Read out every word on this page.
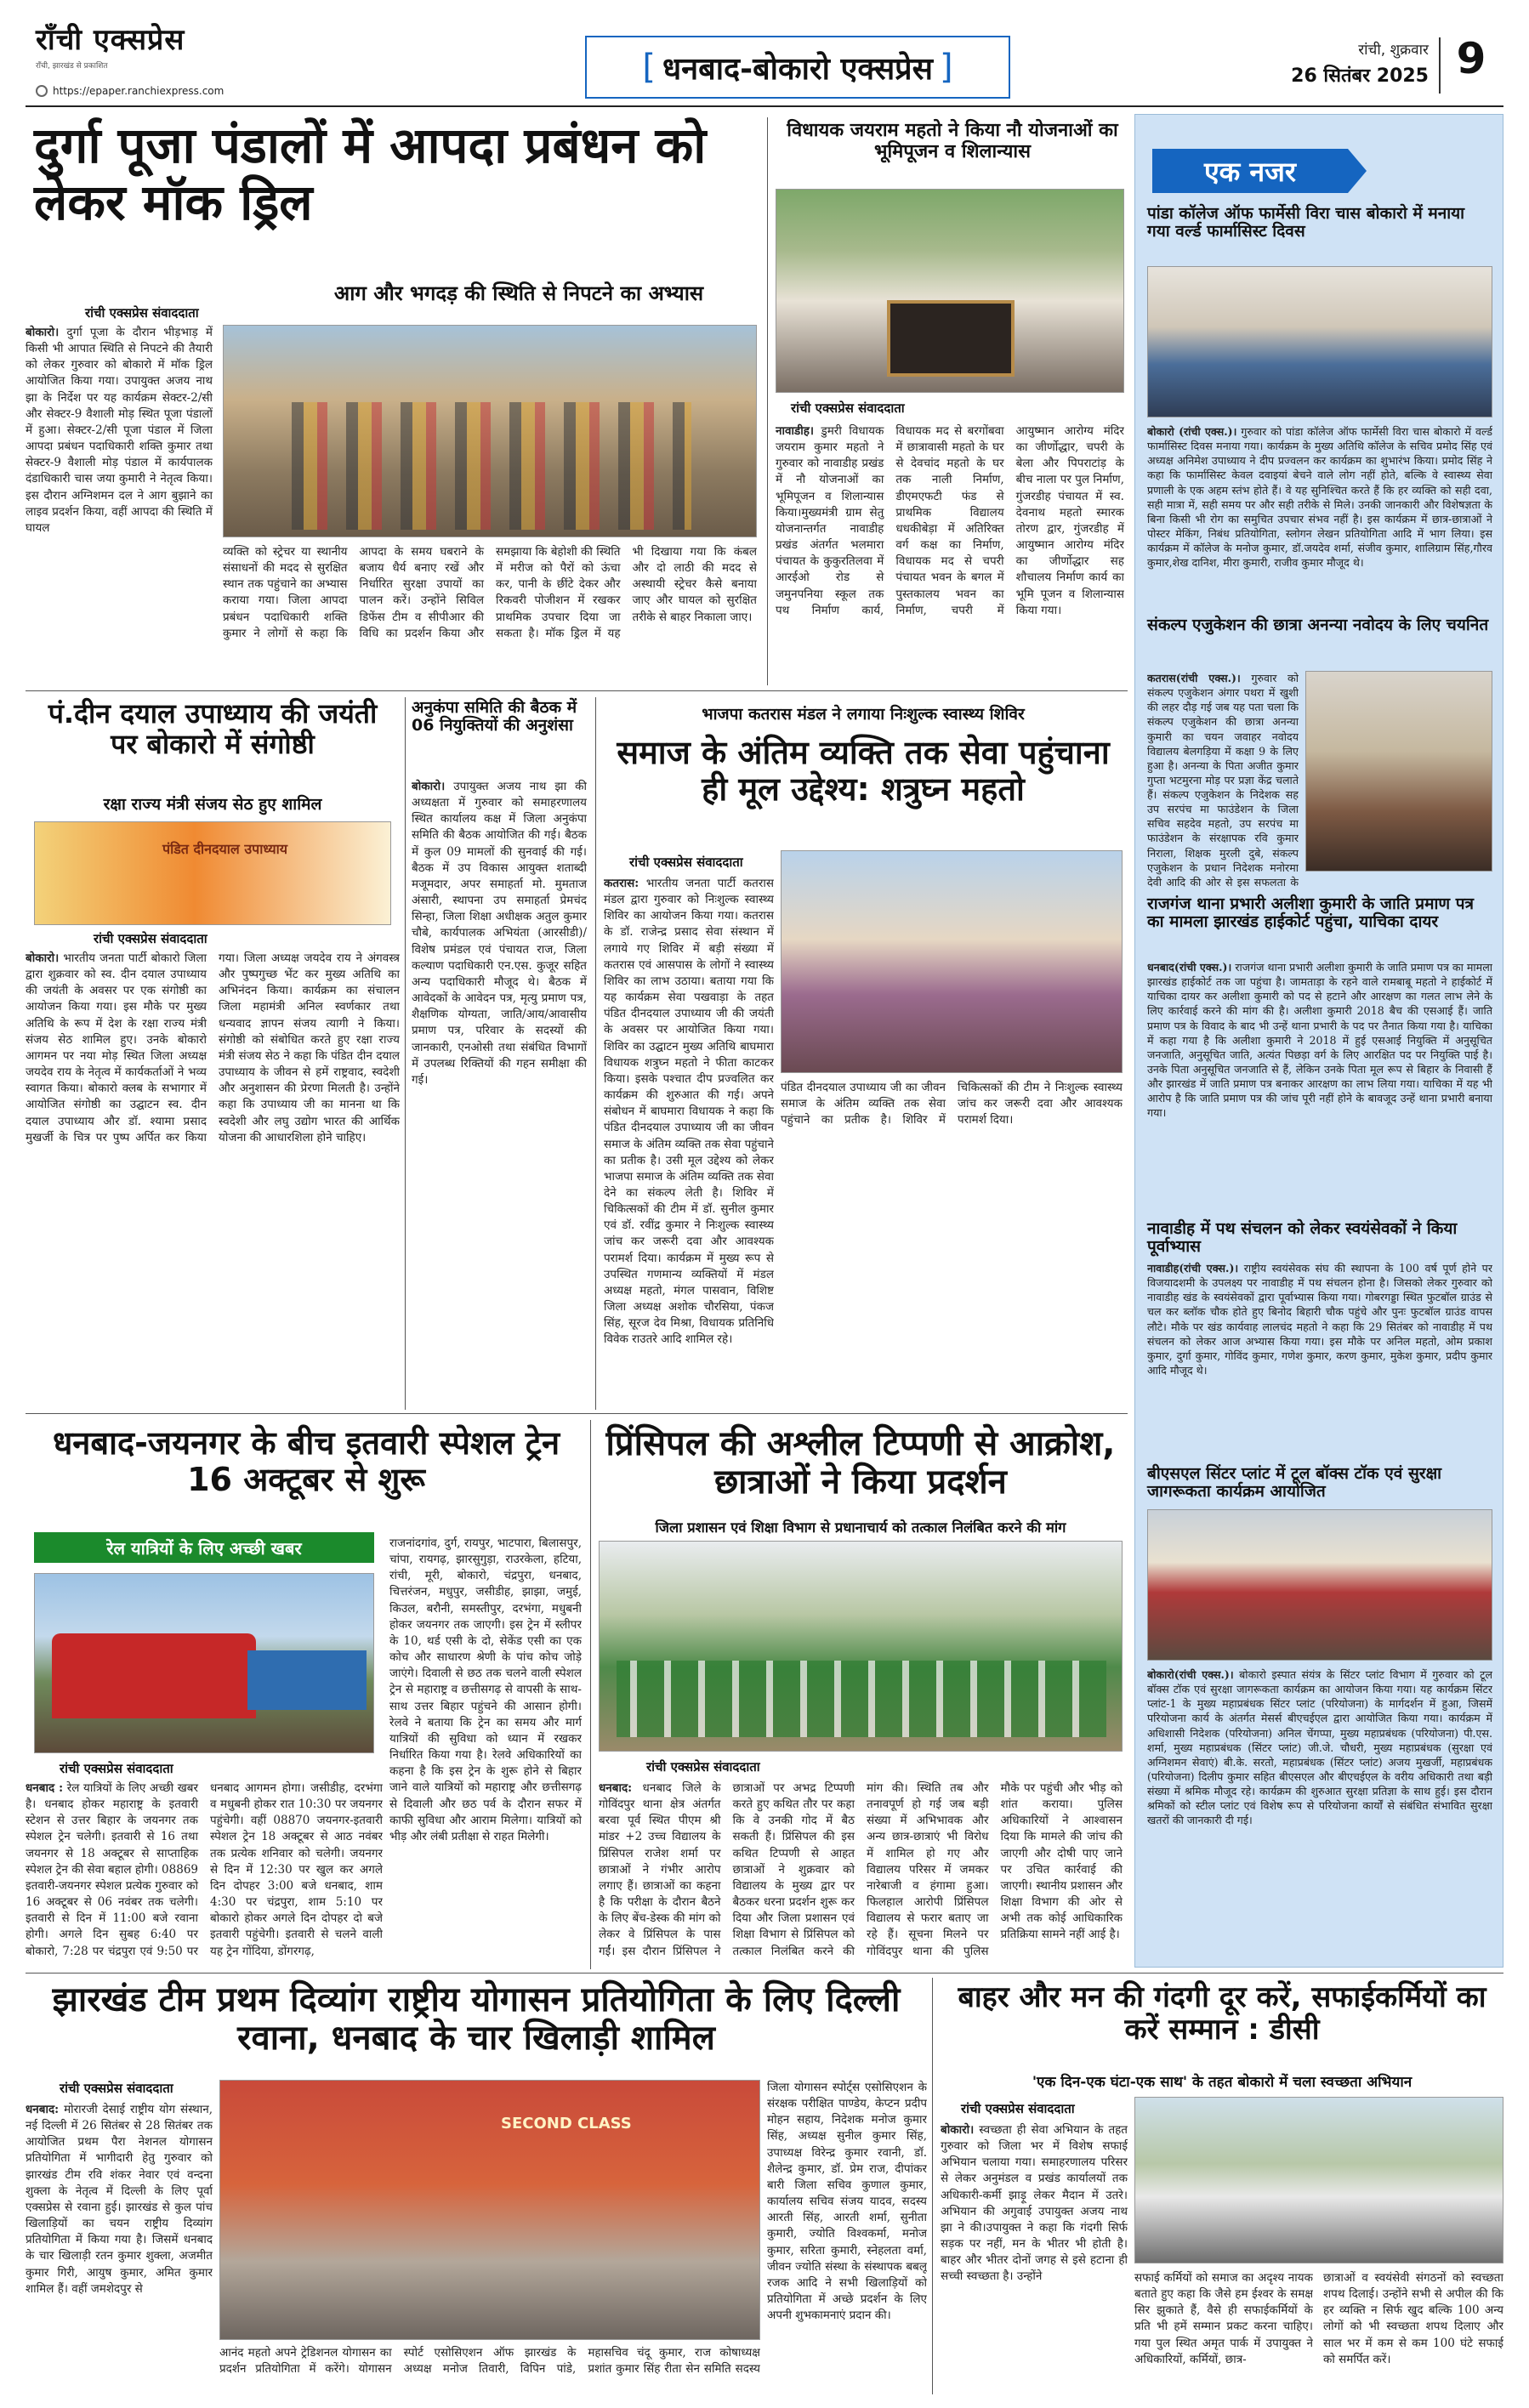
राँची एक्सप्रेस
राँची, झारखंड से प्रकाशित
https://epaper.ranchiexpress.com
[ धनबाद-बोकारो एक्सप्रेस ]	रांची, शुक्रवार
26 सितंबर 2025 9
दुर्गा पूजा पंडालों में आपदा प्रबंधन को लेकर मॉक ड्रिल
आग और भगदड़ की स्थिति से निपटने का अभ्यास
रांची एक्सप्रेस संवाददाता
बोकारो। दुर्गा पूजा के दौरान भीड़भाड़ में किसी भी आपात स्थिति से निपटने की तैयारी को लेकर गुरुवार को बोकारो में मॉक ड्रिल आयोजित किया गया। उपायुक्त अजय नाथ झा के निर्देश पर यह कार्यक्रम सेक्टर-2/सी और सेक्टर-9 वैशाली मोड़ स्थित पूजा पंडालों में हुआ। सेक्टर-2/सी पूजा पंडाल में जिला आपदा प्रबंधन पदाधिकारी शक्ति कुमार तथा सेक्टर-9 वैशाली मोड़ पंडाल में कार्यपालक दंडाधिकारी चास जया कुमारी ने नेतृत्व किया। इस दौरान अग्निशमन दल ने आग बुझाने का लाइव प्रदर्शन किया, वहीं आपदा की स्थिति में घायल
व्यक्ति को स्ट्रेचर या स्थानीय संसाधनों की मदद से सुरक्षित स्थान तक पहुंचाने का अभ्यास कराया गया। जिला आपदा प्रबंधन पदाधिकारी शक्ति कुमार ने लोगों से कहा कि आपदा के समय घबराने के बजाय धैर्य बनाए रखें और निर्धारित सुरक्षा उपायों का पालन करें। उन्होंने सिविल डिफेंस टीम व सीपीआर की विधि का प्रदर्शन किया और समझाया कि बेहोशी की स्थिति में मरीज को पैरों को ऊंचा कर, पानी के छींटे देकर और रिकवरी पोजीशन में रखकर प्राथमिक उपचार दिया जा सकता है। मॉक ड्रिल में यह भी दिखाया गया कि कंबल और दो लाठी की मदद से अस्थायी स्ट्रेचर कैसे बनाया जाए और घायल को सुरक्षित तरीके से बाहर निकाला जाए।
विधायक जयराम महतो ने किया नौ योजनाओं का भूमिपूजन व शिलान्यास
रांची एक्सप्रेस संवाददाता
नावाडीह। डुमरी विधायक जयराम कुमार महतो ने गुरुवार को नावाडीह प्रखंड में नौ योजनाओं का भूमिपूजन व शिलान्यास किया।मुख्यमंत्री ग्राम सेतु योजनान्तर्गत नावाडीह प्रखंड अंतर्गत भलमारा पंचायत के कुकुरतिलवा में आरईओ रोड से जमुनपनिया स्कूल तक पथ निर्माण कार्य, विधायक मद से बरगोंबवा में छात्रावासी महतो के घर से देवचांद महतो के घर तक नाली निर्माण, डीएमएफटी फंड से प्राथमिक विद्यालय धधकीबेड़ा में अतिरिक्त वर्ग कक्ष का निर्माण, विधायक मद से चपरी पंचायत भवन के बगल में पुस्तकालय भवन का निर्माण, चपरी में आयुष्मान आरोग्य मंदिर का जीर्णोद्धार, चपरी के बेला और पिपराटांड़ के बीच नाला पर पुल निर्माण, गुंजरडीह पंचायत में स्व. देवनाथ महतो स्मारक तोरण द्वार, गुंजरडीह में आयुष्मान आरोग्य मंदिर का जीर्णोद्धार सह शौचालय निर्माण कार्य का भूमि पूजन व शिलान्यास किया गया।
एक नजर
पांडा कॉलेज ऑफ फार्मेसी विरा चास बोकारो में मनाया गया वर्ल्ड फार्मासिस्ट दिवस
बोकारो (रांची एक्स.)। गुरुवार को पांडा कॉलेज ऑफ फार्मेसी विरा चास बोकारो में वर्ल्ड फार्मासिस्ट दिवस मनाया गया। कार्यक्रम के मुख्य अतिथि कॉलेज के सचिव प्रमोद सिंह एवं अध्यक्ष अनिमेश उपाध्याय ने दीप प्रज्वलन कर कार्यक्रम का शुभारंभ किया। प्रमोद सिंह ने कहा कि फार्मासिस्ट केवल दवाइयां बेचने वाले लोग नहीं होते, बल्कि वे स्वास्थ्य सेवा प्रणाली के एक अहम स्तंभ होते हैं। वे यह सुनिश्चित करते हैं कि हर व्यक्ति को सही दवा, सही मात्रा में, सही समय पर और सही तरीके से मिले। उनकी जानकारी और विशेषज्ञता के बिना किसी भी रोग का समुचित उपचार संभव नहीं है। इस कार्यक्रम में छात्र-छात्राओं ने पोस्टर मेकिंग, निबंध प्रतियोगिता, स्लोगन लेखन प्रतियोगिता आदि में भाग लिया। इस कार्यक्रम में कॉलेज के मनोज कुमार, डॉ.जयदेव शर्मा, संजीव कुमार, शालिग्राम सिंह,गौरव कुमार,शेख दानिश, मीरा कुमारी, राजीव कुमार मौजूद थे।
संकल्प एजुकेशन की छात्रा अनन्या नवोदय के लिए चयनित
कतरास(रांची एक्स.)। गुरुवार को संकल्प एजुकेशन अंगार पथरा में खुशी की लहर दौड़ गई जब यह पता चला कि संकल्प एजुकेशन की छात्रा अनन्या कुमारी का चयन जवाहर नवोदय विद्यालय बेलगड़िया में कक्षा 9 के लिए हुआ है। अनन्या के पिता अजीत कुमार गुप्ता भटमुरना मोड़ पर प्रज्ञा केंद्र चलाते हैं। संकल्प एजुकेशन के निदेशक सह उप सरपंच मा फाउंडेशन के जिला सचिव सहदेव महतो, उप सरपंच मा फाउंडेशन के संरक्षापक रवि कुमार निराला, शिक्षक मुरली दुबे, संकल्प एजुकेशन के प्रधान निदेशक मनोरमा देवी आदि की ओर से इस सफलता के
राजगंज थाना प्रभारी अलीशा कुमारी के जाति प्रमाण पत्र का मामला झारखंड हाईकोर्ट पहुंचा, याचिका दायर
धनबाद(रांची एक्स.)। राजगंज थाना प्रभारी अलीशा कुमारी के जाति प्रमाण पत्र का मामला झारखंड हाईकोर्ट तक जा पहुंचा है। जामताड़ा के रहने वाले रामबाबू महतो ने हाईकोर्ट में याचिका दायर कर अलीशा कुमारी को पद से हटाने और आरक्षण का गलत लाभ लेने के लिए कार्रवाई करने की मांग की है। अलीशा कुमारी 2018 बैच की एसआई हैं। जाति प्रमाण पत्र के विवाद के बाद भी उन्हें थाना प्रभारी के पद पर तैनात किया गया है। याचिका में कहा गया है कि अलीशा कुमारी ने 2018 में हुई एसआई नियुक्ति में अनुसूचित जनजाति, अनुसूचित जाति, अत्यंत पिछड़ा वर्ग के लिए आरक्षित पद पर नियुक्ति पाई है। उनके पिता अनुसूचित जनजाति से हैं, लेकिन उनके पिता मूल रूप से बिहार के निवासी हैं और झारखंड में जाति प्रमाण पत्र बनाकर आरक्षण का लाभ लिया गया। याचिका में यह भी आरोप है कि जाति प्रमाण पत्र की जांच पूरी नहीं होने के बावजूद उन्हें थाना प्रभारी बनाया गया।
नावाडीह में पथ संचलन को लेकर स्वयंसेवकों ने किया पूर्वाभ्यास
नावाडीह(रांची एक्स.)। राष्ट्रीय स्वयंसेवक संघ की स्थापना के 100 वर्ष पूर्ण होने पर विजयादशमी के उपलक्ष्य पर नावाडीह में पथ संचलन होना है। जिसको लेकर गुरुवार को नावाडीह खंड के स्वयंसेवकों द्वारा पूर्वाभ्यास किया गया। गोबरगड्डा स्थित फुटबॉल ग्राउंड से चल कर ब्लॉक चौक होते हुए बिनोद बिहारी चौक पहुंचे और पुनः फुटबॉल ग्राउंड वापस लौटे। मौके पर खंड कार्यवाह लालचंद महतो ने कहा कि 29 सितंबर को नावाडीह में पथ संचलन को लेकर आज अभ्यास किया गया। इस मौके पर अनिल महतो, ओम प्रकाश कुमार, दुर्गा कुमार, गोविंद कुमार, गणेश कुमार, करण कुमार, मुकेश कुमार, प्रदीप कुमार आदि मौजूद थे।
बीएसएल सिंटर प्लांट में टूल बॉक्स टॉक एवं सुरक्षा जागरूकता कार्यक्रम आयोजित
बोकारो(रांची एक्स.)। बोकारो इस्पात संयंत्र के सिंटर प्लांट विभाग में गुरुवार को टूल बॉक्स टॉक एवं सुरक्षा जागरूकता कार्यक्रम का आयोजन किया गया। यह कार्यक्रम सिंटर प्लांट-1 के मुख्य महाप्रबंधक सिंटर प्लांट (परियोजना) के मार्गदर्शन में हुआ, जिसमें परियोजना कार्य के अंतर्गत मेसर्स बीएचईएल द्वारा आयोजित किया गया। कार्यक्रम में अधिशासी निदेशक (परियोजना) अनिल चेंगप्पा, मुख्य महाप्रबंधक (परियोजना) पी.एस. शर्मा, मुख्य महाप्रबंधक (सिंटर प्लांट) जी.जे. चौधरी, मुख्य महाप्रबंधक (सुरक्षा एवं अग्निशमन सेवाएं) बी.के. सरतो, महाप्रबंधक (सिंटर प्लांट) अजय मुखर्जी, महाप्रबंधक (परियोजना) दिलीप कुमार सहित बीएसएल और बीएचईएल के वरीय अधिकारी तथा बड़ी संख्या में श्रमिक मौजूद रहे। कार्यक्रम की शुरुआत सुरक्षा प्रतिज्ञा के साथ हुई। इस दौरान श्रमिकों को स्टील प्लांट एवं विशेष रूप से परियोजना कार्यों से संबंधित संभावित सुरक्षा खतरों की जानकारी दी गई।
पं.दीन दयाल उपाध्याय की जयंती पर बोकारो में संगोष्ठी
रक्षा राज्य मंत्री संजय सेठ हुए शामिल
पंडित दीनदयाल उपाध्याय
रांची एक्सप्रेस संवाददाता
बोकारो। भारतीय जनता पार्टी बोकारो जिला द्वारा शुक्रवार को स्व. दीन दयाल उपाध्याय की जयंती के अवसर पर एक संगोष्ठी का आयोजन किया गया। इस मौके पर मुख्य अतिथि के रूप में देश के रक्षा राज्य मंत्री संजय सेठ शामिल हुए। उनके बोकारो आगमन पर नया मोड़ स्थित जिला अध्यक्ष जयदेव राय के नेतृत्व में कार्यकर्ताओं ने भव्य स्वागत किया। बोकारो क्लब के सभागार में आयोजित संगोष्ठी का उद्घाटन स्व. दीन दयाल उपाध्याय और डॉ. श्यामा प्रसाद मुखर्जी के चित्र पर पुष्प अर्पित कर किया गया। जिला अध्यक्ष जयदेव राय ने अंगवस्त्र और पुष्पगुच्छ भेंट कर मुख्य अतिथि का अभिनंदन किया। कार्यक्रम का संचालन जिला महामंत्री अनिल स्वर्णकार तथा धन्यवाद ज्ञापन संजय त्यागी ने किया। संगोष्ठी को संबोधित करते हुए रक्षा राज्य मंत्री संजय सेठ ने कहा कि पंडित दीन दयाल उपाध्याय के जीवन से हमें राष्ट्रवाद, स्वदेशी और अनुशासन की प्रेरणा मिलती है। उन्होंने कहा कि उपाध्याय जी का मानना था कि स्वदेशी और लघु उद्योग भारत की आर्थिक योजना की आधारशिला होने चाहिए।
अनुकंपा समिति की बैठक में 06 नियुक्तियों की अनुशंसा
बोकारो। उपायुक्त अजय नाथ झा की अध्यक्षता में गुरुवार को समाहरणालय स्थित कार्यालय कक्ष में जिला अनुकंपा समिति की बैठक आयोजित की गई। बैठक में कुल 09 मामलों की सुनवाई की गई। बैठक में उप विकास आयुक्त शताब्दी मजूमदार, अपर समाहर्ता मो. मुमताज अंसारी, स्थापना उप समाहर्ता प्रेमचंद सिन्हा, जिला शिक्षा अधीक्षक अतुल कुमार चौबे, कार्यपालक अभियंता (आरसीडी)/विशेष प्रमंडल एवं पंचायत राज, जिला कल्याण पदाधिकारी एन.एस. कुजूर सहित अन्य पदाधिकारी मौजूद थे। बैठक में आवेदकों के आवेदन पत्र, मृत्यु प्रमाण पत्र, शैक्षणिक योग्यता, जाति/आय/आवासीय प्रमाण पत्र, परिवार के सदस्यों की जानकारी, एनओसी तथा संबंधित विभागों में उपलब्ध रिक्तियों की गहन समीक्षा की गई।
भाजपा कतरास मंडल ने लगाया निःशुल्क स्वास्थ्य शिविर
समाज के अंतिम व्यक्ति तक सेवा पहुंचाना ही मूल उद्देश्य: शत्रुघ्न महतो
रांची एक्सप्रेस संवाददाता
कतरास: भारतीय जनता पार्टी कतरास मंडल द्वारा गुरुवार को निःशुल्क स्वास्थ्य शिविर का आयोजन किया गया। कतरास के डॉ. राजेन्द्र प्रसाद सेवा संस्थान में लगाये गए शिविर में बड़ी संख्या में कतरास एवं आसपास के लोगों ने स्वास्थ्य शिविर का लाभ उठाया। बताया गया कि यह कार्यक्रम सेवा पखवाड़ा के तहत पंडित दीनदयाल उपाध्याय जी की जयंती के अवसर पर आयोजित किया गया। शिविर का उद्घाटन मुख्य अतिथि बाघमारा विधायक शत्रुघ्न महतो ने फीता काटकर किया। इसके पश्चात दीप प्रज्वलित कर कार्यक्रम की शुरुआत की गई। अपने संबोधन में बाघमारा विधायक ने कहा कि पंडित दीनदयाल उपाध्याय जी का जीवन समाज के अंतिम व्यक्ति तक सेवा पहुंचाने का प्रतीक है। उसी मूल उद्देश्य को लेकर भाजपा समाज के अंतिम व्यक्ति तक सेवा देने का संकल्प लेती है। शिविर में चिकित्सकों की टीम में डॉ. सुनील कुमार एवं डॉ. रवींद्र कुमार ने निःशुल्क स्वास्थ्य जांच कर जरूरी दवा और आवश्यक परामर्श दिया। कार्यक्रम में मुख्य रूप से उपस्थित गणमान्य व्यक्तियों में मंडल अध्यक्ष महतो, मंगल पासवान, विशिष्ट जिला अध्यक्ष अशोक चौरसिया, पंकज सिंह, सूरज देव मिश्रा, विधायक प्रतिनिधि विवेक राउतरे आदि शामिल रहे।
पंडित दीनदयाल उपाध्याय जी का जीवन समाज के अंतिम व्यक्ति तक सेवा पहुंचाने का प्रतीक है। शिविर में चिकित्सकों की टीम ने निःशुल्क स्वास्थ्य जांच कर जरूरी दवा और आवश्यक परामर्श दिया।
धनबाद-जयनगर के बीच इतवारी स्पेशल ट्रेन 16 अक्टूबर से शुरू
रेल यात्रियों के लिए अच्छी खबर
रांची एक्सप्रेस संवाददाता
धनबाद : रेल यात्रियों के लिए अच्छी खबर है। धनबाद होकर महाराष्ट्र के इतवारी स्टेशन से उत्तर बिहार के जयनगर तक स्पेशल ट्रेन चलेगी। इतवारी से 16 तथा जयनगर से 18 अक्टूबर से साप्ताहिक स्पेशल ट्रेन की सेवा बहाल होगी। 08869 इतवारी-जयनगर स्पेशल प्रत्येक गुरुवार को 16 अक्टूबर से 06 नवंबर तक चलेगी। इतवारी से दिन में 11:00 बजे रवाना होगी। अगले दिन सुबह 6:40 पर बोकारो, 7:28 पर चंद्रपुरा एवं 9:50 पर धनबाद आगमन होगा। जसीडीह, दरभंगा व मधुबनी होकर रात 10:30 पर जयनगर पहुंचेगी। वहीं 08870 जयनगर-इतवारी स्पेशल ट्रेन 18 अक्टूबर से आठ नवंबर तक प्रत्येक शनिवार को चलेगी। जयनगर से दिन में 12:30 पर खुल कर अगले दिन दोपहर 3:00 बजे धनबाद, शाम 4:30 पर चंद्रपुरा, शाम 5:10 पर बोकारो होकर अगले दिन दोपहर दो बजे इतवारी पहुंचेगी। इतवारी से चलने वाली यह ट्रेन गोंदिया, डोंगरगढ़,
राजनांदगांव, दुर्ग, रायपुर, भाटपारा, बिलासपुर, चांपा, रायगढ़, झारसुगुड़ा, राउरकेला, हटिया, रांची, मूरी, बोकारो, चंद्रपुरा, धनबाद, चित्तरंजन, मधुपुर, जसीडीह, झाझा, जमुई, किउल, बरौनी, समस्तीपुर, दरभंगा, मधुबनी होकर जयनगर तक जाएगी। इस ट्रेन में स्लीपर के 10, थर्ड एसी के दो, सेकेंड एसी का एक कोच और साधारण श्रेणी के पांच कोच जोड़े जाएंगे। दिवाली से छठ तक चलने वाली स्पेशल ट्रेन से महाराष्ट्र व छत्तीसगढ़ से वापसी के साथ-साथ उत्तर बिहार पहुंचने की आसान होगी। रेलवे ने बताया कि ट्रेन का समय और मार्ग यात्रियों की सुविधा को ध्यान में रखकर निर्धारित किया गया है। रेलवे अधिकारियों का कहना है कि इस ट्रेन के शुरू होने से बिहार जाने वाले यात्रियों को महाराष्ट्र और छत्तीसगढ़ से दिवाली और छठ पर्व के दौरान सफर में काफी सुविधा और आराम मिलेगा। यात्रियों को भीड़ और लंबी प्रतीक्षा से राहत मिलेगी।
प्रिंसिपल की अश्लील टिप्पणी से आक्रोश, छात्राओं ने किया प्रदर्शन
जिला प्रशासन एवं शिक्षा विभाग से प्रधानाचार्य को तत्काल निलंबित करने की मांग
रांची एक्सप्रेस संवाददाता
धनबाद: धनबाद जिले के गोविंदपुर थाना क्षेत्र अंतर्गत बरवा पूर्व स्थित पीएम श्री मांडर +2 उच्च विद्यालय के प्रिंसिपल राजेश शर्मा पर छात्राओं ने गंभीर आरोप लगाए हैं। छात्राओं का कहना है कि परीक्षा के दौरान बैठने के लिए बेंच-डेस्क की मांग को लेकर वे प्रिंसिपल के पास गईं। इस दौरान प्रिंसिपल ने छात्राओं पर अभद्र टिप्पणी करते हुए कथित तौर पर कहा कि वे उनकी गोद में बैठ सकती हैं। प्रिंसिपल की इस कथित टिप्पणी से आहत छात्राओं ने शुक्रवार को विद्यालय के मुख्य द्वार पर बैठकर धरना प्रदर्शन शुरू कर दिया और जिला प्रशासन एवं शिक्षा विभाग से प्रिंसिपल को तत्काल निलंबित करने की मांग की। स्थिति तब और तनावपूर्ण हो गई जब बड़ी संख्या में अभिभावक और अन्य छात्र-छात्राएं भी विरोध में शामिल हो गए और विद्यालय परिसर में जमकर नारेबाजी व हंगामा हुआ। फिलहाल आरोपी प्रिंसिपल विद्यालय से फरार बताए जा रहे हैं। सूचना मिलने पर गोविंदपुर थाना की पुलिस मौके पर पहुंची और भीड़ को शांत कराया। पुलिस अधिकारियों ने आश्वासन दिया कि मामले की जांच की जाएगी और दोषी पाए जाने पर उचित कार्रवाई की जाएगी। स्थानीय प्रशासन और शिक्षा विभाग की ओर से अभी तक कोई आधिकारिक प्रतिक्रिया सामने नहीं आई है।
झारखंड टीम प्रथम दिव्यांग राष्ट्रीय योगासन प्रतियोगिता के लिए दिल्ली रवाना, धनबाद के चार खिलाड़ी शामिल
रांची एक्सप्रेस संवाददाता
धनबाद: मोरारजी देसाई राष्ट्रीय योग संस्थान, नई दिल्ली में 26 सितंबर से 28 सितंबर तक आयोजित प्रथम पैरा नेशनल योगासन प्रतियोगिता में भागीदारी हेतु गुरुवार को झारखंड टीम रवि शंकर नेवार एवं वन्दना शुक्ला के नेतृत्व में दिल्ली के लिए पूर्वा एक्सप्रेस से रवाना हुई। झारखंड से कुल पांच खिलाड़ियों का चयन राष्ट्रीय दिव्यांग प्रतियोगिता में किया गया है। जिसमें धनबाद के चार खिलाड़ी रतन कुमार शुक्ला, अजमीत कुमार गिरी, आयुष कुमार, अमित कुमार शामिल हैं। वहीं जमशेदपुर से
SECOND CLASS
आनंद महतो अपने ट्रेडिशनल योगासन का प्रदर्शन प्रतियोगिता में करेंगे। योगासन स्पोर्ट एसोसिएशन ऑफ झारखंड के अध्यक्ष मनोज तिवारी, विपिन पांडे, महासचिव चंदू कुमार, राज कोषाध्यक्ष प्रशांत कुमार सिंह रीता सेन समिति सदस्य
जिला योगासन स्पोर्ट्स एसोसिएशन के संरक्षक परीक्षित पाण्डेय, केप्टन प्रदीप मोहन सहाय, निदेशक मनोज कुमार सिंह, अध्यक्ष सुनील कुमार सिंह, उपाध्यक्ष विरेन्द्र कुमार रवानी, डॉ. शैलेन्द्र कुमार, डॉ. प्रेम राज, दीपांकर बारी जिला सचिव कुणाल कुमार, कार्यालय सचिव संजय यादव, सदस्य आरती सिंह, आरती शर्मा, सुनीता कुमारी, ज्योति विश्वकर्मा, मनोज कुमार, सरिता कुमारी, स्नेहलता वर्मा, जीवन ज्योति संस्था के संस्थापक बबलू रजक आदि ने सभी खिलाड़ियों को प्रतियोगिता में अच्छे प्रदर्शन के लिए अपनी शुभकामनाएं प्रदान की।
बाहर और मन की गंदगी दूर करें, सफाईकर्मियों का करें सम्मान : डीसी
'एक दिन-एक घंटा-एक साथ' के तहत बोकारो में चला स्वच्छता अभियान
रांची एक्सप्रेस संवाददाता
बोकारो। स्वच्छता ही सेवा अभियान के तहत गुरुवार को जिला भर में विशेष सफाई अभियान चलाया गया। समाहरणालय परिसर से लेकर अनुमंडल व प्रखंड कार्यालयों तक अधिकारी-कर्मी झाड़ू लेकर मैदान में उतरे। अभियान की अगुवाई उपायुक्त अजय नाथ झा ने की।उपायुक्त ने कहा कि गंदगी सिर्फ सड़क पर नहीं, मन के भीतर भी होती है। बाहर और भीतर दोनों जगह से इसे हटाना ही सच्ची स्वच्छता है। उन्होंने	सफाई कर्मियों को समाज का अदृश्य नायक बताते हुए कहा कि जैसे हम ईश्वर के समक्ष सिर झुकाते हैं, वैसे ही सफाईकर्मियों के प्रति भी हमें सम्मान प्रकट करना चाहिए। गया पुल स्थित अमृत पार्क में उपायुक्त ने अधिकारियों, कर्मियों, छात्र-
छात्राओं व स्वयंसेवी संगठनों को स्वच्छता शपथ दिलाई। उन्होंने सभी से अपील की कि हर व्यक्ति न सिर्फ खुद बल्कि 100 अन्य लोगों को भी स्वच्छता शपथ दिलाए और साल भर में कम से कम 100 घंटे सफाई को समर्पित करें।
